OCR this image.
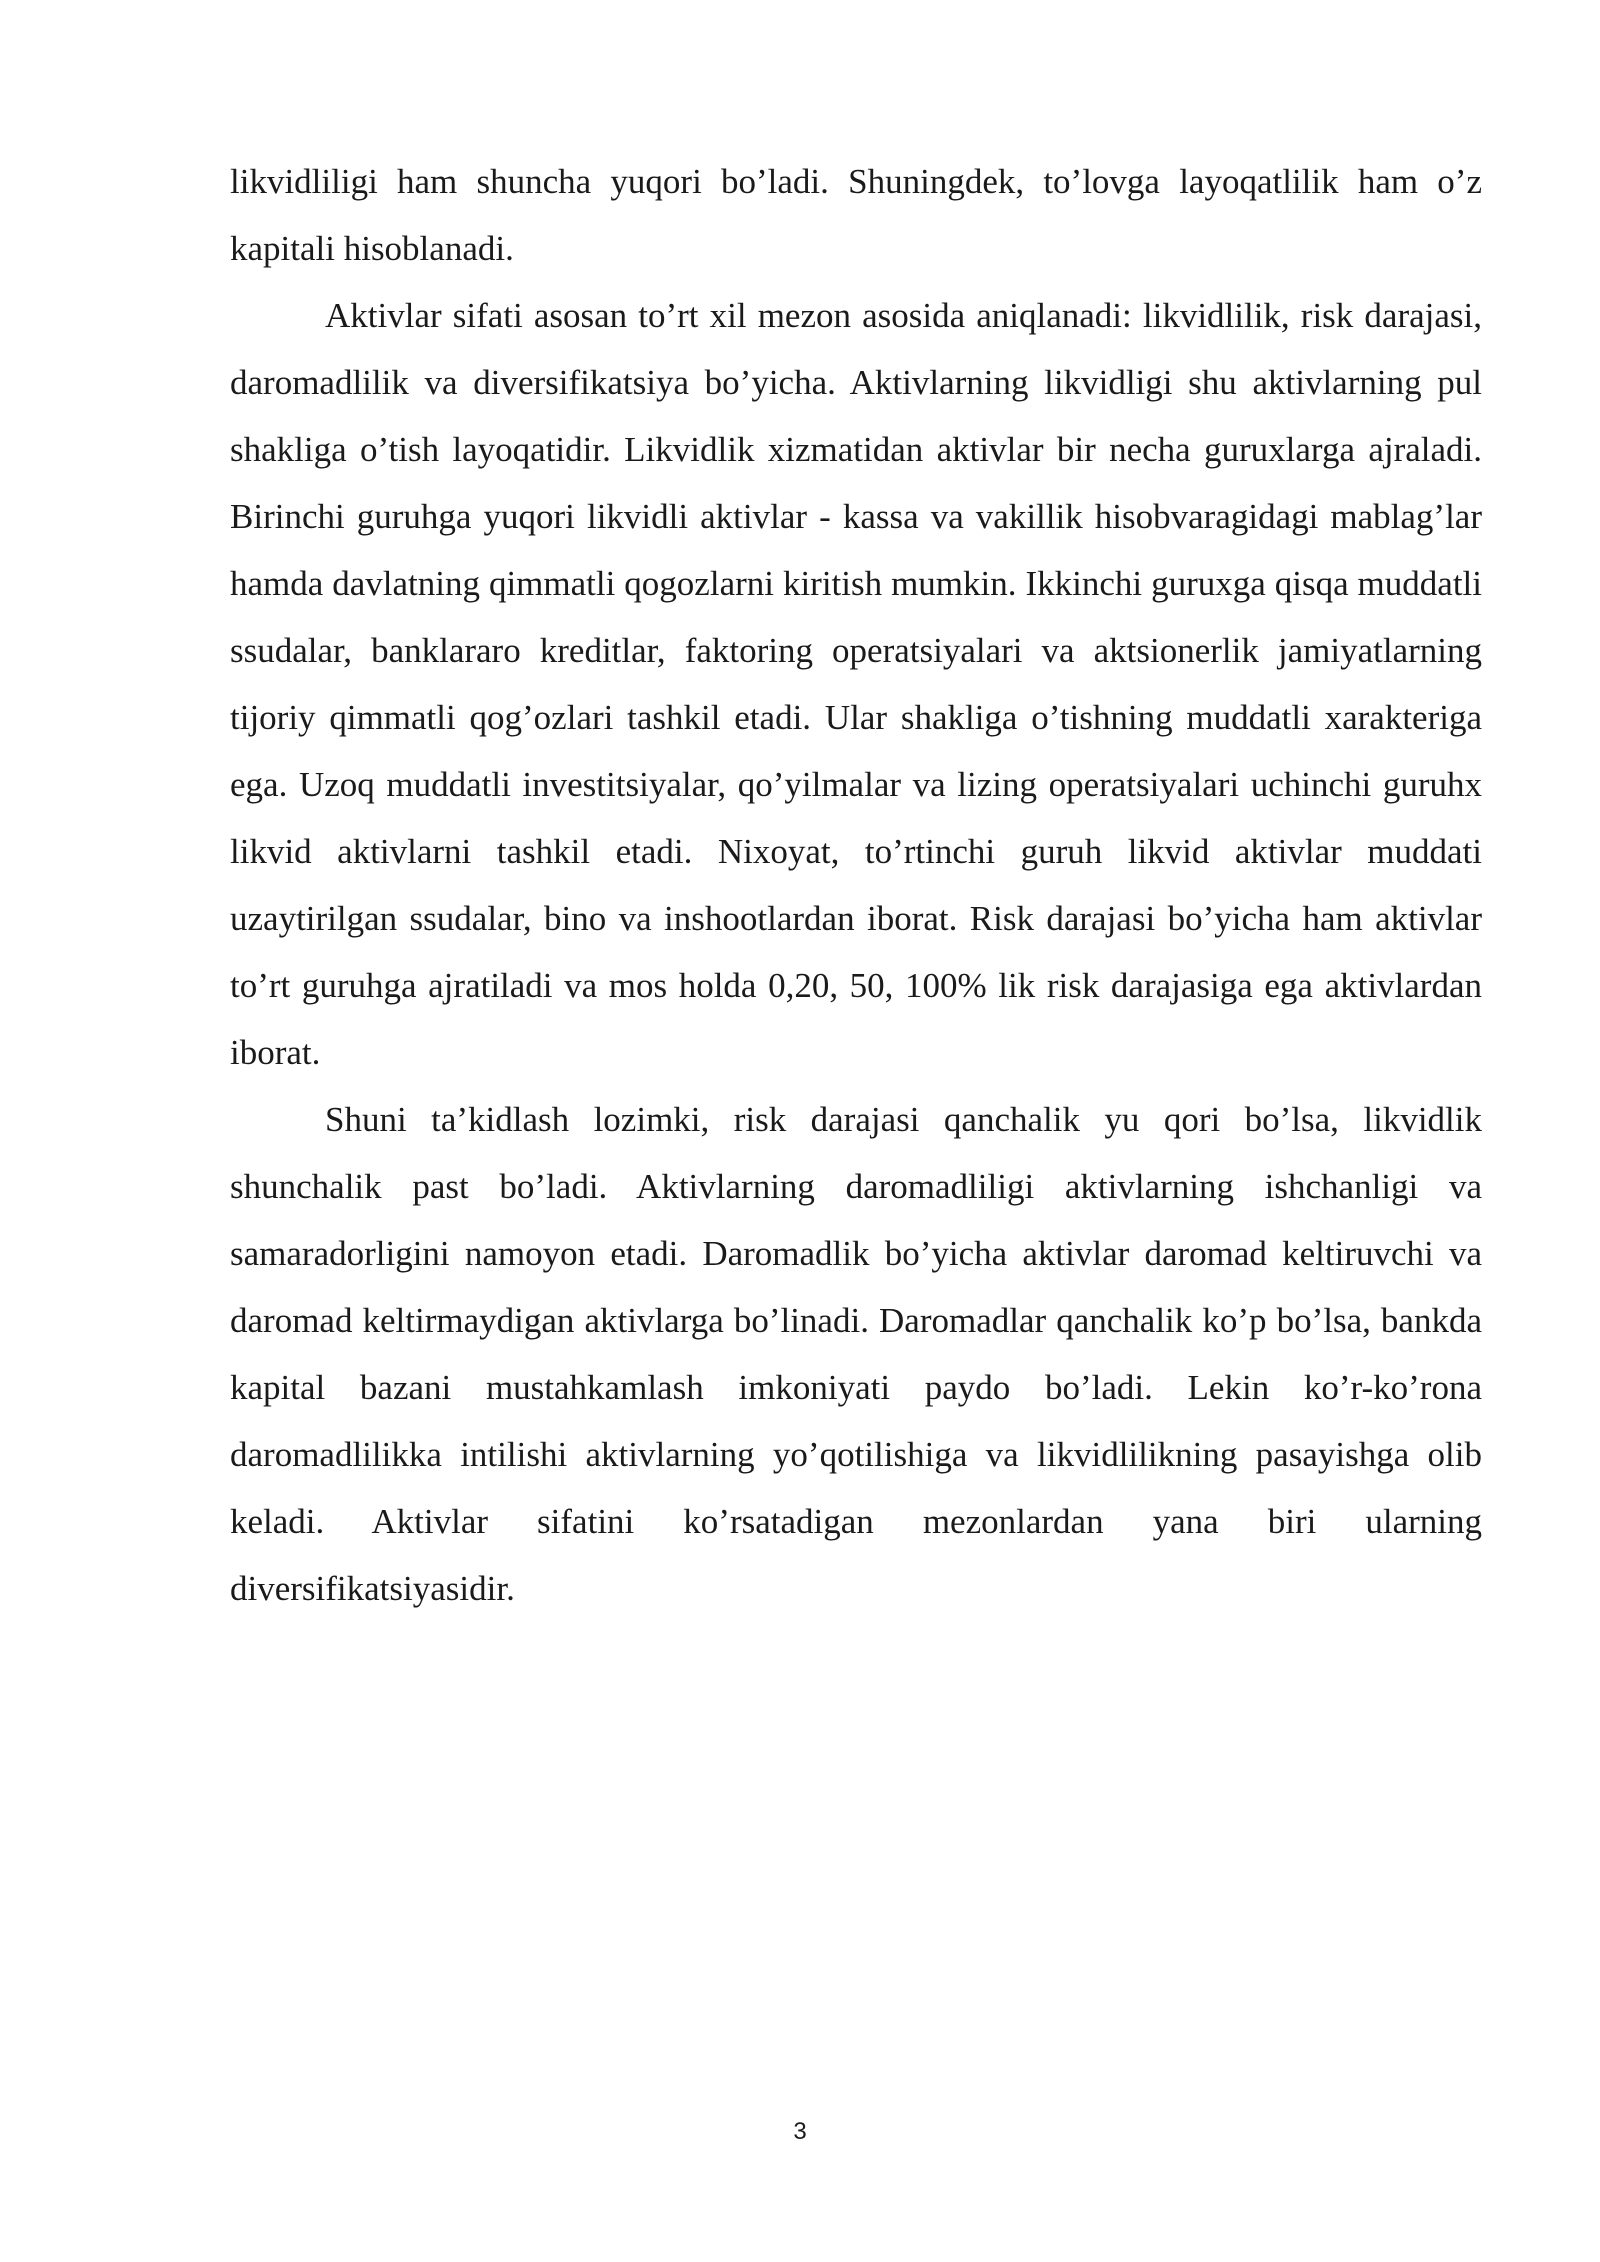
likvidliligi ham shuncha yuqori bo’ladi. Shuningdek, to’lovga layoqatlilik ham o’z kapitali hisoblanadi.

Aktivlar sifati asosan to’rt xil mezon asosida aniqlanadi: likvidlilik, risk darajasi, daromadlilik va diversifikatsiya bo’yicha. Aktivlarning likvidligi shu aktivlarning pul shakliga o’tish layoqatidir. Likvidlik xizmatidan aktivlar bir necha guruxlarga ajraladi. Birinchi guruhga yuqori likvidli aktivlar - kassa va vakillik hisobvaragidagi mablag’lar hamda davlatning qimmatli qogozlarni kiritish mumkin. Ikkinchi guruxga qisqa muddatli ssudalar, banklararo kreditlar, faktoring operatsiyalari va aktsionerlik jamiyatlarning tijoriy qimmatli qog’ozlari tashkil etadi. Ular shakliga o’tishning muddatli xarakteriga ega. Uzoq muddatli investitsiyalar, qo’yilmalar va lizing operatsiyalari uchinchi guruhx likvid aktivlarni tashkil etadi. Nixoyat, to’rtinchi guruh likvid aktivlar muddati uzaytirilgan ssudalar, bino va inshootlardan iborat. Risk darajasi bo’yicha ham aktivlar to’rt guruhga ajratiladi va mos holda 0,20, 50, 100% lik risk darajasiga ega aktivlardan iborat.

Shuni ta’kidlash lozimki, risk darajasi qanchalik yu qori bo’lsa, likvidlik shunchalik past bo’ladi. Aktivlarning daromadliligi aktivlarning ishchanligi va samaradorligini namoyon etadi. Daromadlik bo’yicha aktivlar daromad keltiruvchi va daromad keltirmaydigan aktivlarga bo’linadi. Daromadlar qanchalik ko’p bo’lsa, bankda kapital bazani mustahkamlash imkoniyati paydo bo’ladi. Lekin ko’r-ko’rona daromadlilikka intilishi aktivlarning yo’qotilishiga va likvidlilikning pasayishga olib keladi. Aktivlar sifatini ko’rsatadigan mezonlardan yana biri ularning diversifikatsiyasidir.

3
